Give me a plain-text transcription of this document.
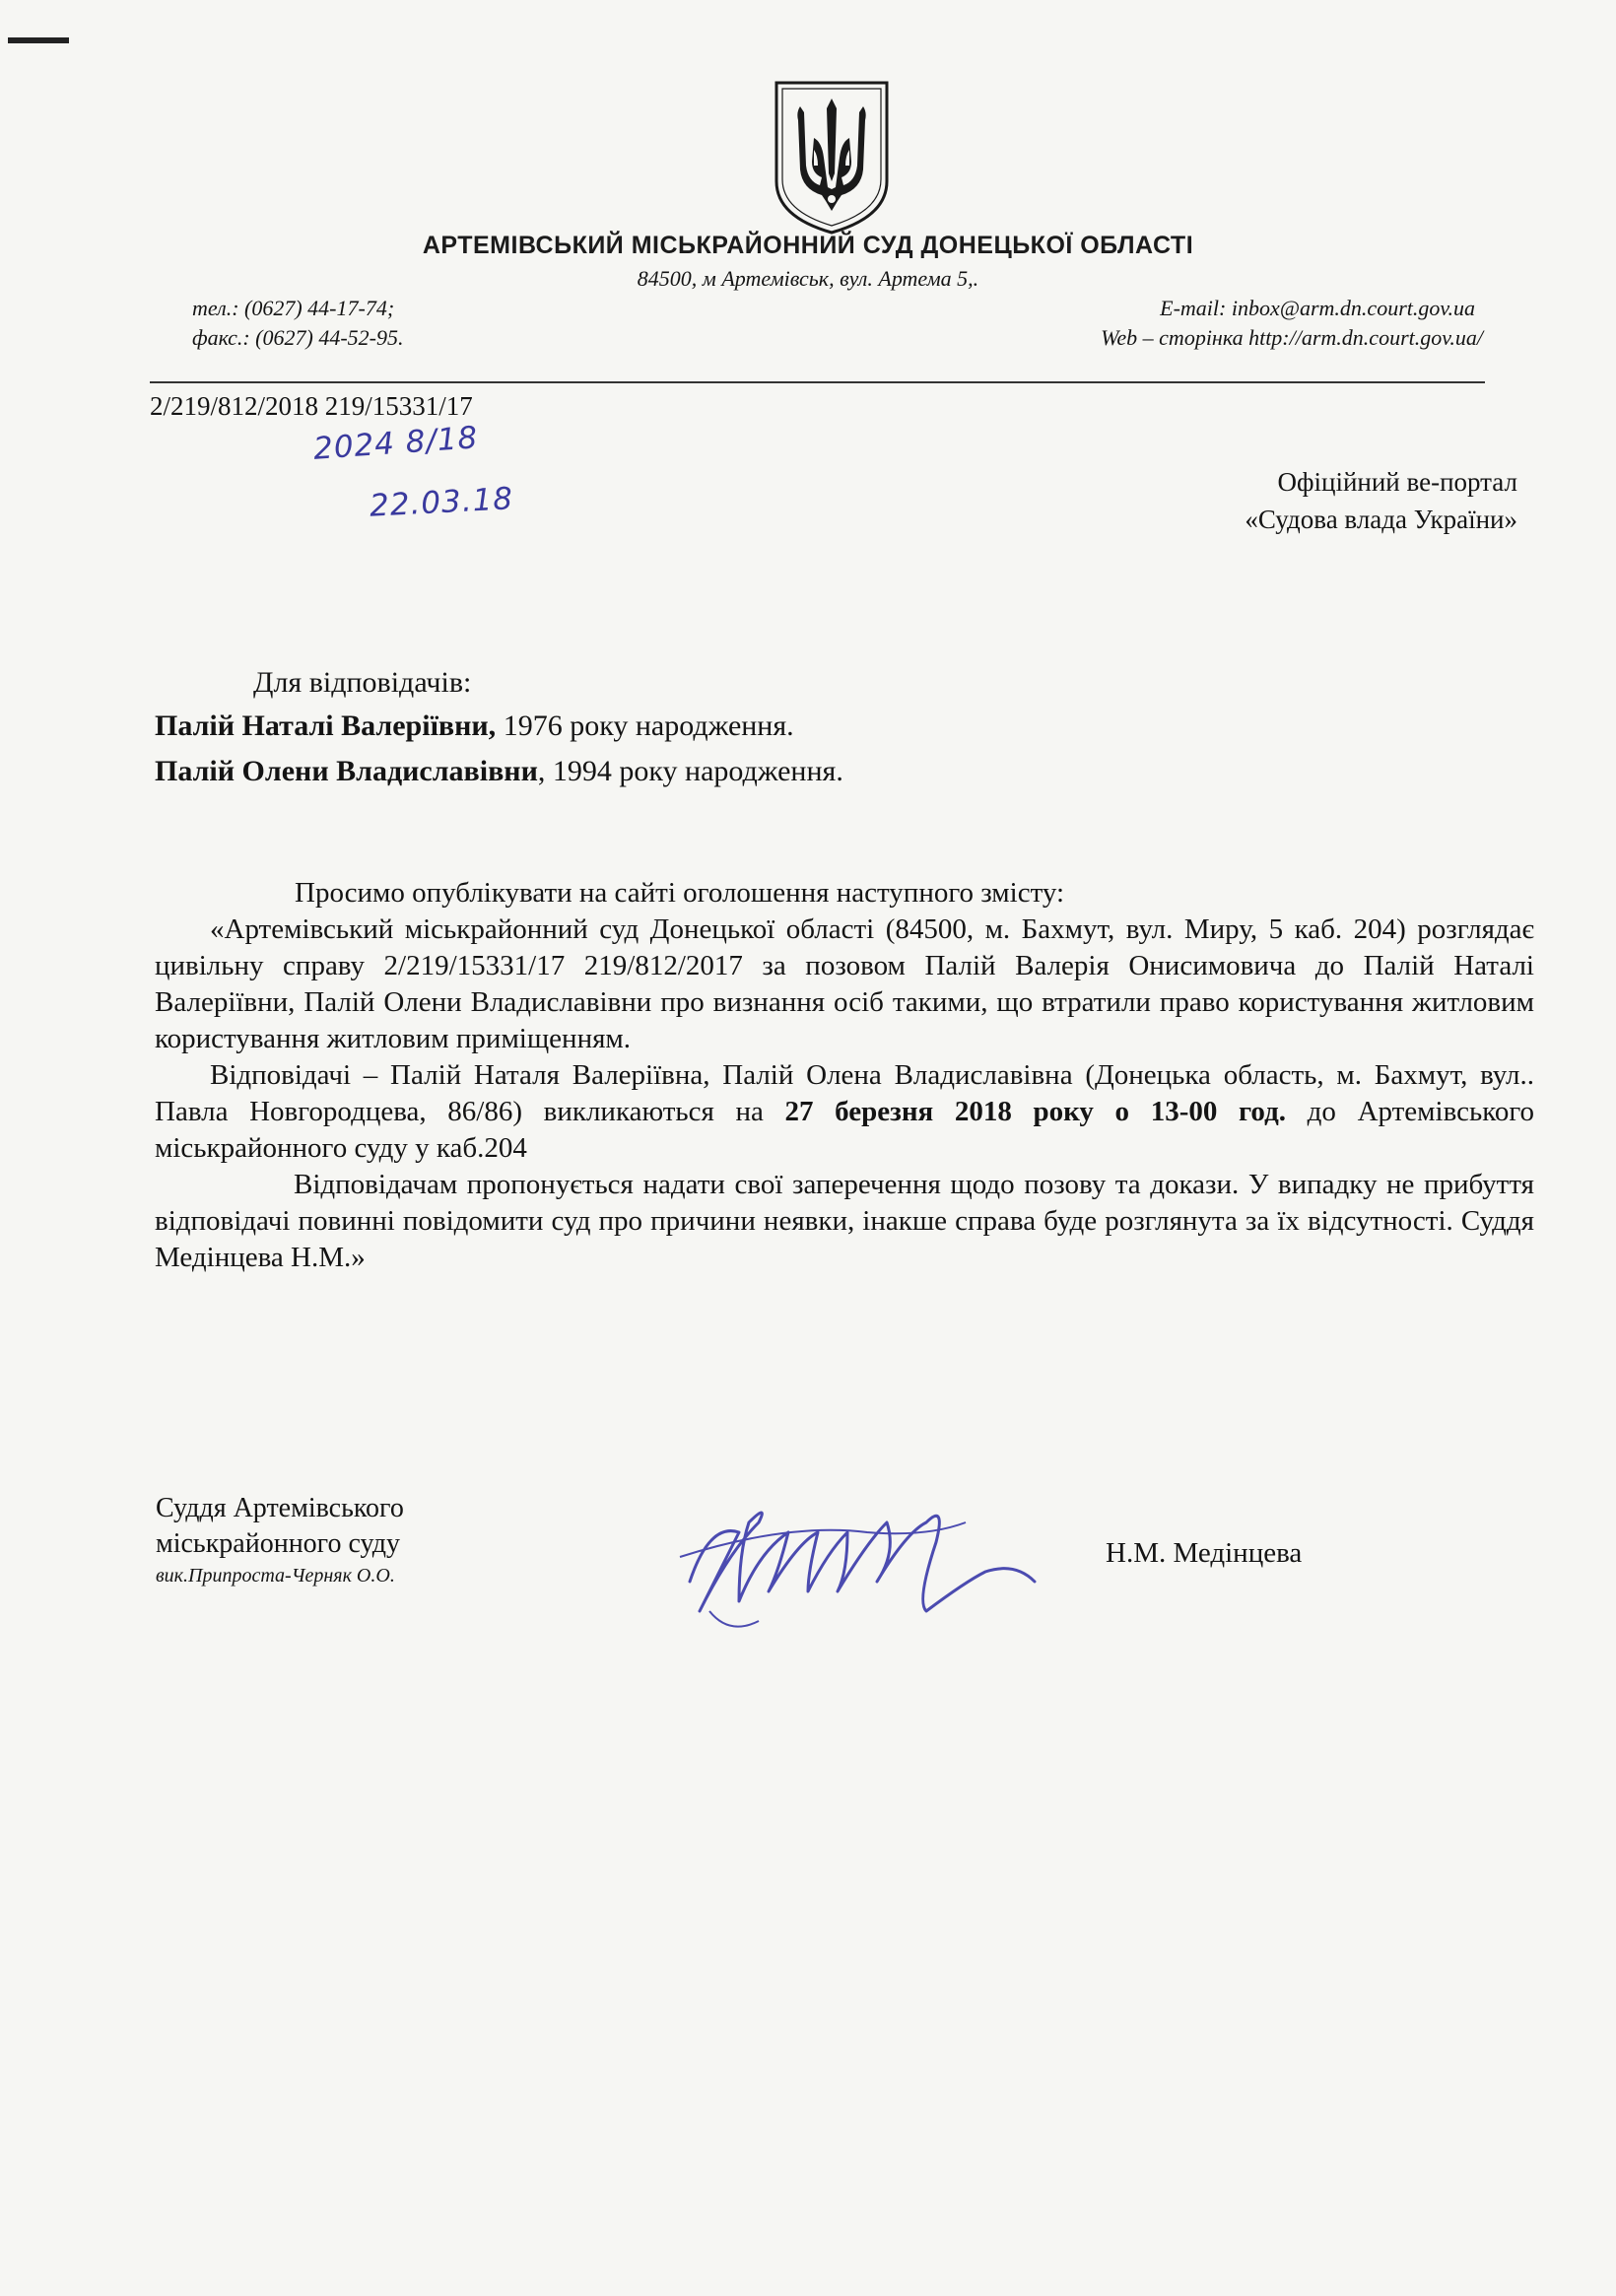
АРТЕМІВСЬКИЙ МІСЬКРАЙОННИЙ СУД ДОНЕЦЬКОЇ ОБЛАСТІ
84500, м Артемівськ, вул. Артема 5,.
тел.: (0627) 44-17-74;
факс.: (0627) 44-52-95.
E-mail: inbox@arm.dn.court.gov.ua
Web – сторінка http://arm.dn.court.gov.ua/
2/219/812/2018 219/15331/17
2024 8/18
22.03.18	Офіційний ве-портал
«Судова влада України»
Для відповідачів:
Палій Наталі Валеріївни, 1976 року народження.
Палій Олени Владиславівни, 1994 року народження.

Просимо опублікувати на сайті оголошення наступного змісту:

«Артемівський міськрайонний суд Донецької області (84500, м. Бахмут, вул. Миру, 5 каб. 204) розглядає цивільну справу 2/219/15331/17 219/812/2017 за позовом Палій Валерія Онисимовича до Палій Наталі Валеріївни, Палій Олени Владиславівни про визнання осіб такими, що втратили право користування житловим користування житловим приміщенням.

Відповідачі – Палій Наталя Валеріївна, Палій Олена Владиславівна (Донецька область, м. Бахмут, вул.. Павла Новгородцева, 86/86) викликаються на 27 березня 2018 року о 13-00 год. до Артемівського міськрайонного суду у каб.204

Відповідачам пропонується надати свої заперечення щодо позову та докази. У випадку не прибуття відповідачі повинні повідомити суд про причини неявки, інакше справа буде розглянута за їх відсутності. Суддя Медінцева Н.М.»

Суддя Артемівського
міськрайонного суду
вик.Припроста-Черняк О.О.
Н.М. Медінцева
